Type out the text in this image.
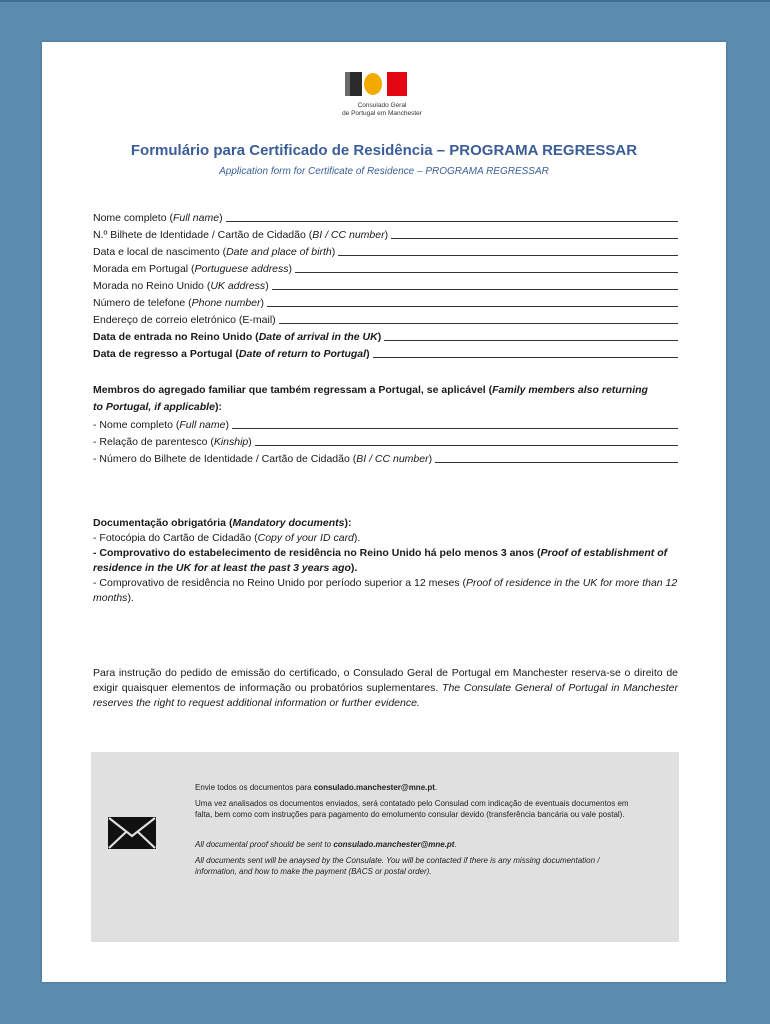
Consulado Geral
de Portugal em Manchester
Formulário para Certificado de Residência – PROGRAMA REGRESSAR
Application form for Certificate of Residence – PROGRAMA REGRESSAR
Nome completo (Full name)
N.º Bilhete de Identidade / Cartão de Cidadão (BI / CC number)
Data e local de nascimento (Date and place of birth)
Morada em Portugal (Portuguese address)
Morada no Reino Unido (UK address)
Número de telefone (Phone number)
Endereço de correio eletrónico (E-mail)
Data de entrada no Reino Unido (Date of arrival in the UK)
Data de regresso a Portugal (Date of return to Portugal)
Membros do agregado familiar que também regressam a Portugal, se aplicável (Family members also returning to Portugal, if applicable):
- Nome completo (Full name)
- Relação de parentesco (Kinship)
- Número do Bilhete de Identidade / Cartão de Cidadão (BI / CC number)

Documentação obrigatória (Mandatory documents):

- Fotocópia do Cartão de Cidadão (Copy of your ID card).

- Comprovativo do estabelecimento de residência no Reino Unido há pelo menos 3 anos (Proof of establishment of residence in the UK for at least the past 3 years ago).

- Comprovativo de residência no Reino Unido por período superior a 12 meses (Proof of residence in the UK for more than 12 months).

Para instrução do pedido de emissão do certificado, o Consulado Geral de Portugal em Manchester reserva-se o direito de exigir quaisquer elementos de informação ou probatórios suplementares. The Consulate General of Portugal in Manchester reserves the right to request additional information or further evidence.

Envie todos os documentos para consulado.manchester@mne.pt.

Uma vez analisados os documentos enviados, será contatado pelo Consulad com indicação de eventuais documentos em falta, bem como com instruções para pagamento do emolumento consular devido (transferência bancária ou vale postal).

All documental proof should be sent to consulado.manchester@mne.pt.

All documents sent will be anaysed by the Consulate. You will be contacted if there is any missing documentation / information, and how to make the payment (BACS or postal order).
